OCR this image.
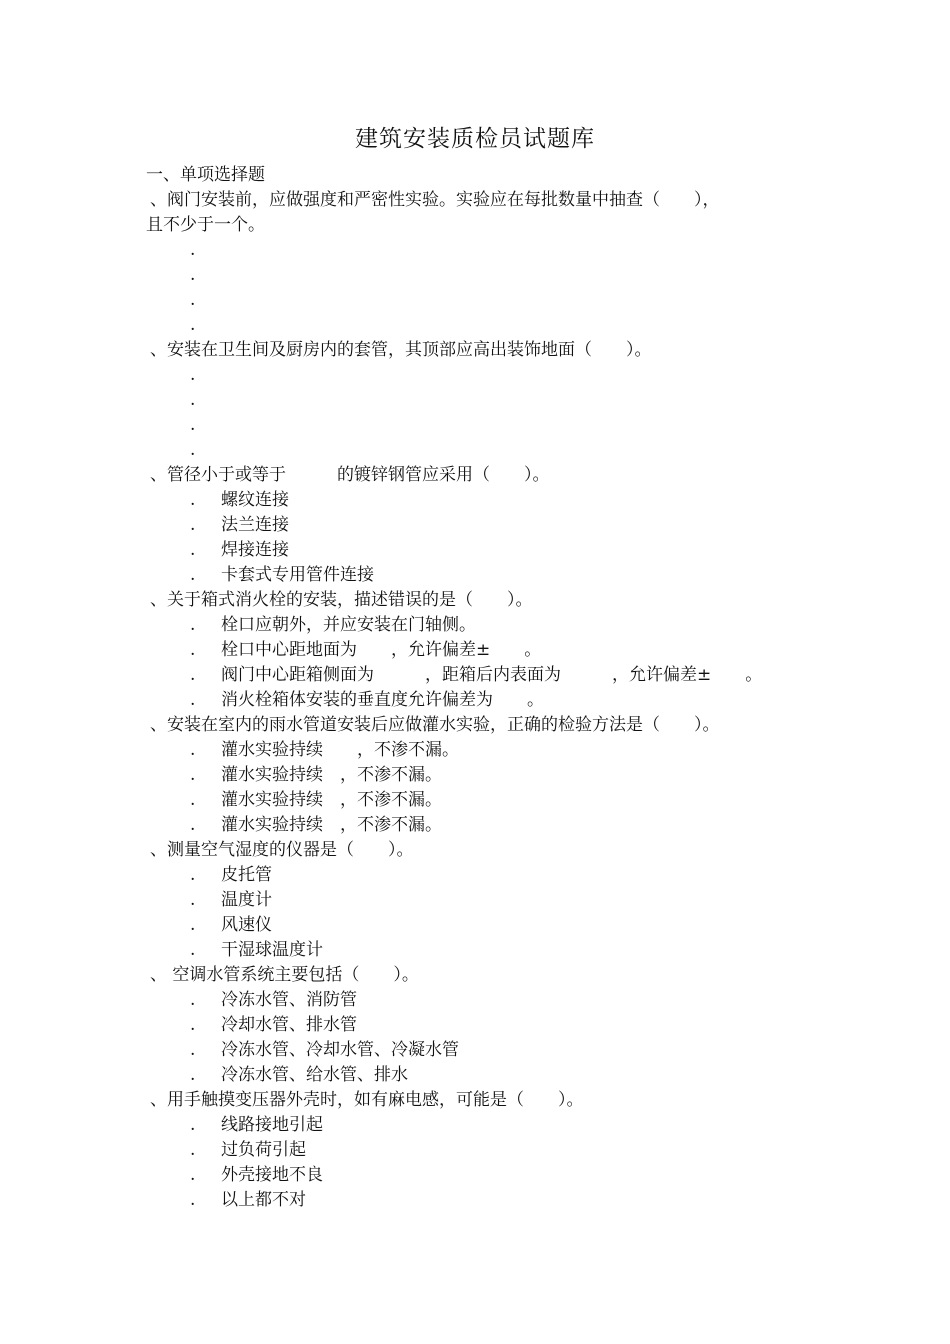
建筑安装质检员试题库
一、单项选择题
、阀门安装前，应做强度和严密性实验。实验应在每批数量中抽查（　　），
且不少于一个。
.
.
.
.
、安装在卫生间及厨房内的套管，其顶部应高出装饰地面（　　）。
.
.
.
.
、管径小于或等于　　　的镀锌钢管应采用（　　）。
. 螺纹连接
. 法兰连接
. 焊接连接
. 卡套式专用管件连接
、关于箱式消火栓的安装，描述错误的是（　　）。
. 栓口应朝外，并应安装在门轴侧。
. 栓口中心距地面为　　，允许偏差±　　。
. 阀门中心距箱侧面为　　　，距箱后内表面为　　　，允许偏差±　　。
. 消火栓箱体安装的垂直度允许偏差为　　。
、安装在室内的雨水管道安装后应做灌水实验，正确的检验方法是（　　）。
. 灌水实验持续　　，不渗不漏。
. 灌水实验持续　，不渗不漏。
. 灌水实验持续　，不渗不漏。
. 灌水实验持续　，不渗不漏。
、测量空气湿度的仪器是（　　）。
. 皮托管
. 温度计
. 风速仪
. 干湿球温度计
、 空调水管系统主要包括（　　）。
. 冷冻水管、消防管
. 冷却水管、排水管
. 冷冻水管、冷却水管、冷凝水管
. 冷冻水管、给水管、排水
、用手触摸变压器外壳时，如有麻电感，可能是（　　）。
. 线路接地引起
. 过负荷引起
. 外壳接地不良
. 以上都不对
